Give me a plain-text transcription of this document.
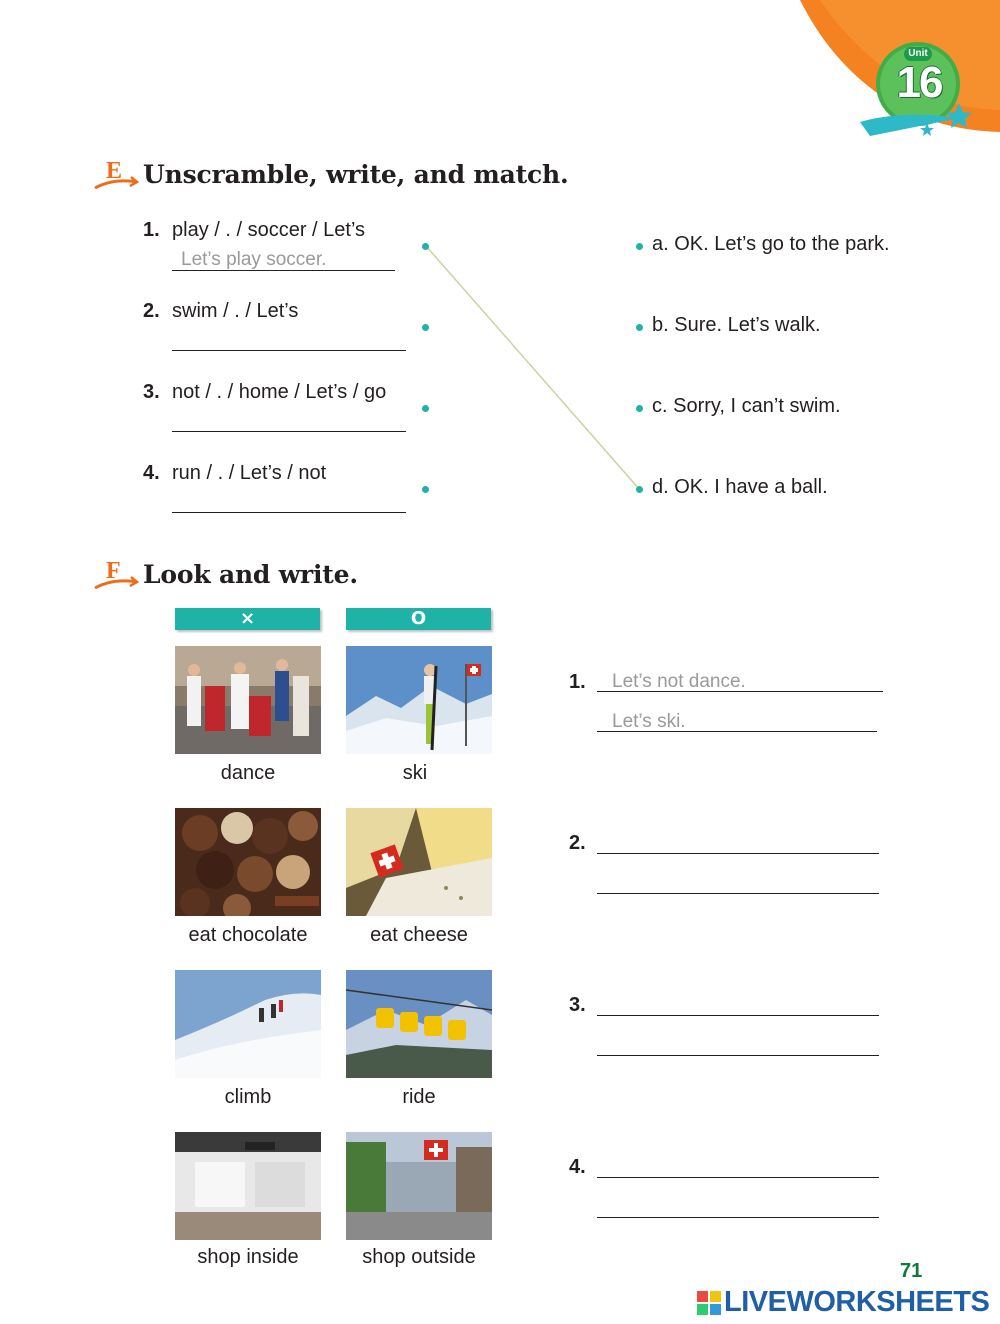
Unit
16
E Unscramble, write, and match.
1. play / . / soccer / Let’s
Let’s play soccer.
2. swim / . / Let’s
3. not / . / home / Let’s / go
4. run / . / Let’s / not
a. OK. Let’s go to the park.
b. Sure. Let’s walk.
c. Sorry, I can’t swim.
d. OK. I have a ball.
F Look and write.
×	O
dance	ski
eat chocolate	eat cheese
climb	ride
shop inside	shop outside
1. Let’s not dance.
Let’s ski.
2.
3.
4.
71
LIVEWORKSHEETS
